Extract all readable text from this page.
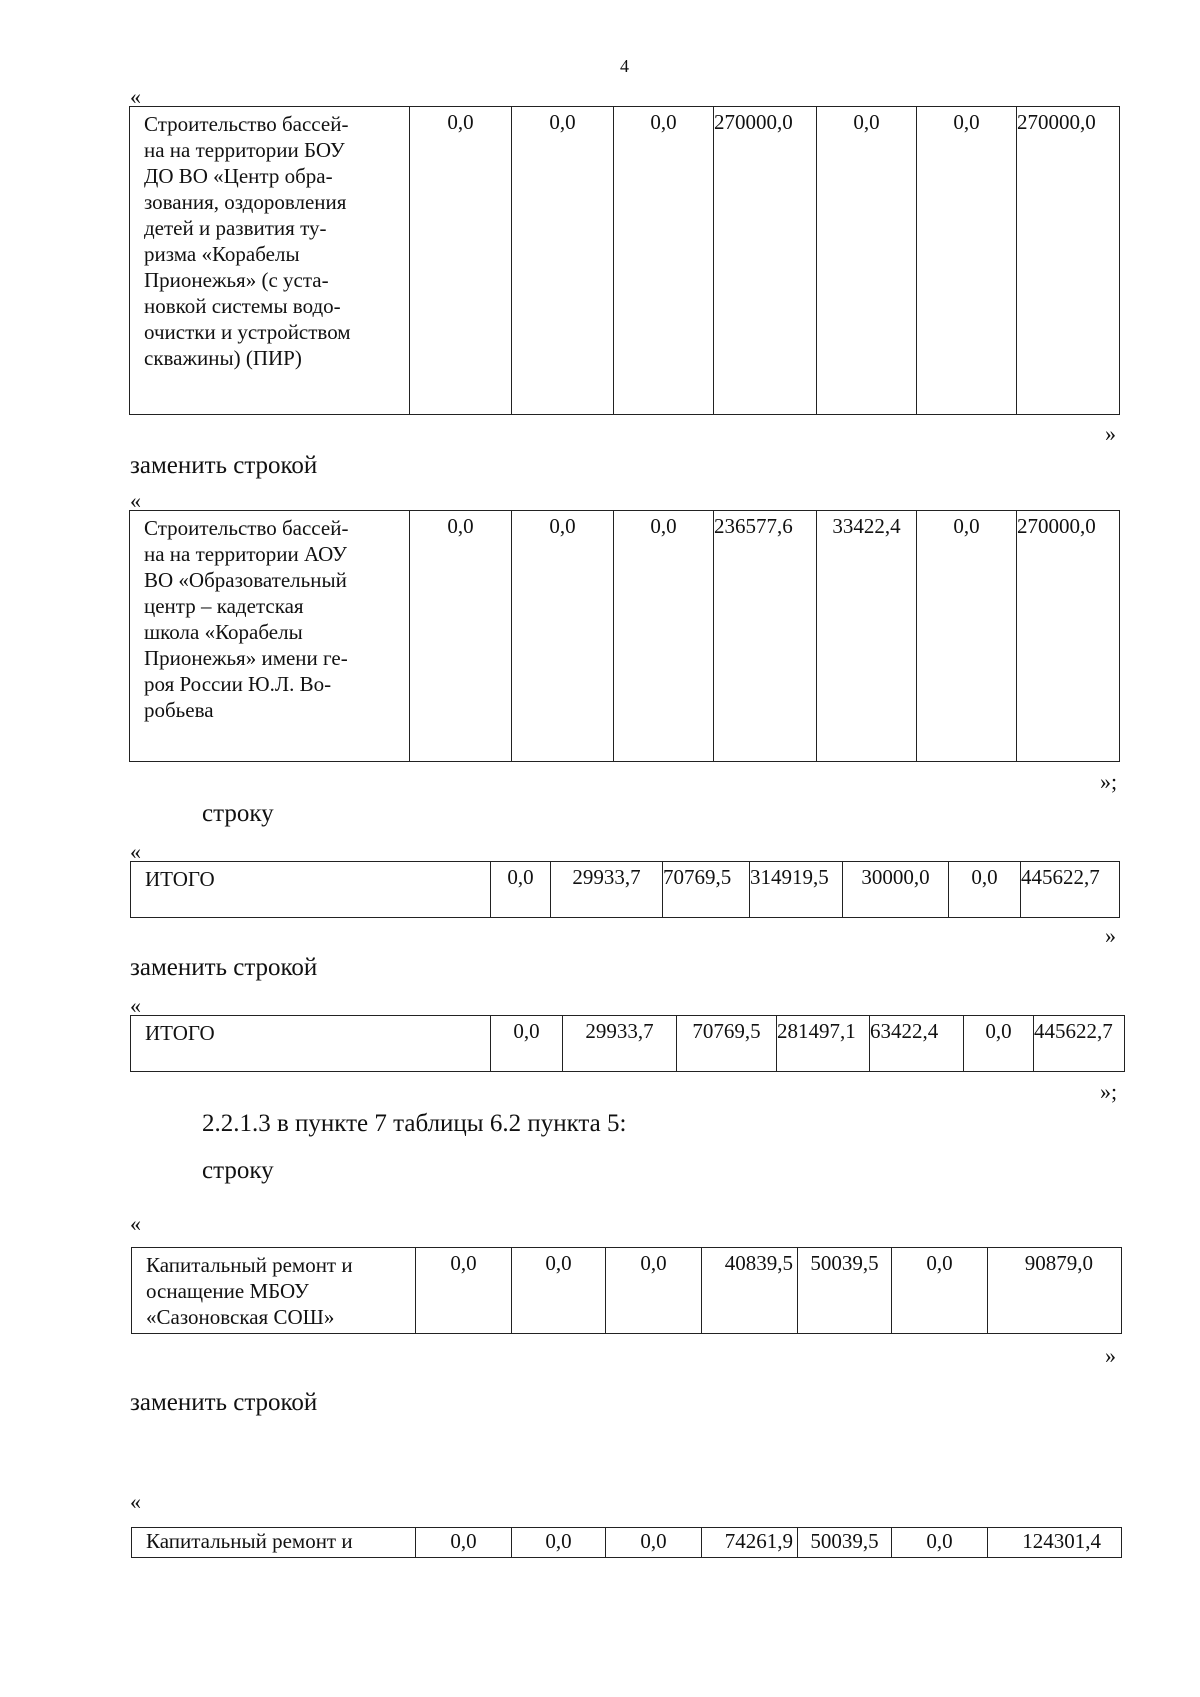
4
«
Строительство бассей-
на на территории БОУ
ДО ВО «Центр обра-
зования, оздоровления
детей и развития ту-
ризма «Корабелы
Прионежья» (с уста-
новкой системы водо-
очистки и устройством
скважины) (ПИР)
	0,0	0,0	0,0	270000,0	0,0	0,0	270000,0
»
заменить строкой
«
Строительство бассей-
на на территории АОУ
ВО «Образовательный
центр – кадетская
школа «Корабелы
Прионежья» имени ге-
роя России Ю.Л. Во-
робьева
	0,0	0,0	0,0	236577,6	33422,4	0,0	270000,0
»;
строку
«
ИТОГО	0,0	29933,7	70769,5	314919,5	30000,0	0,0	445622,7
»
заменить строкой
«
ИТОГО	0,0	29933,7	70769,5	281497,1	63422,4	0,0	445622,7
»;
2.2.1.3 в пункте 7 таблицы 6.2 пункта 5:
строку
«
Капитальный ремонт и
оснащение МБОУ
«Сазоновская СОШ»
	0,0	0,0	0,0	40839,5	50039,5	0,0	90879,0
»
заменить строкой
«
Капитальный ремонт и	0,0	0,0	0,0	74261,9	50039,5	0,0	124301,4
